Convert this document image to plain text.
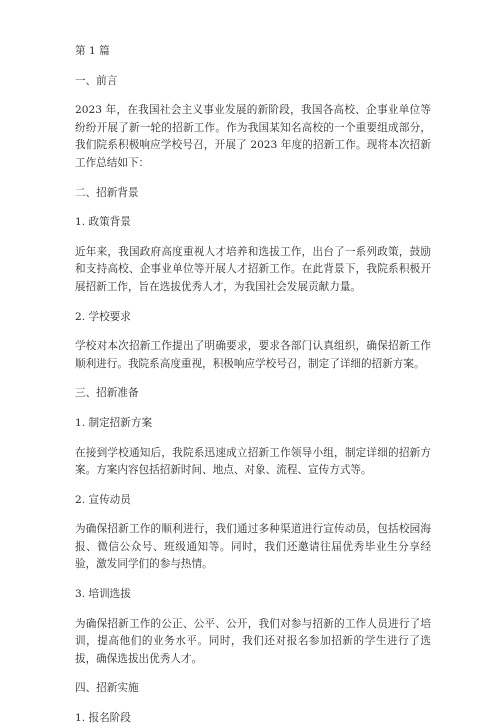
第 1 篇

一、前言

2023 年，在我国社会主义事业发展的新阶段，我国各高校、企事业单位等纷纷开展了新一轮的招新工作。作为我国某知名高校的一个重要组成部分，我们院系积极响应学校号召，开展了 2023 年度的招新工作。现将本次招新工作总结如下：

二、招新背景

1. 政策背景

近年来，我国政府高度重视人才培养和选拔工作，出台了一系列政策，鼓励和支持高校、企事业单位等开展人才招新工作。在此背景下，我院系积极开展招新工作，旨在选拔优秀人才，为我国社会发展贡献力量。

2. 学校要求

学校对本次招新工作提出了明确要求，要求各部门认真组织，确保招新工作顺利进行。我院系高度重视，积极响应学校号召，制定了详细的招新方案。

三、招新准备

1. 制定招新方案

在接到学校通知后，我院系迅速成立招新工作领导小组，制定详细的招新方案。方案内容包括招新时间、地点、对象、流程、宣传方式等。

2. 宣传动员

为确保招新工作的顺利进行，我们通过多种渠道进行宣传动员，包括校园海报、微信公众号、班级通知等。同时，我们还邀请往届优秀毕业生分享经验，激发同学们的参与热情。

3. 培训选拔

为确保招新工作的公正、公平、公开，我们对参与招新的工作人员进行了培训，提高他们的业务水平。同时，我们还对报名参加招新的学生进行了选拔，确保选拔出优秀人才。

四、招新实施

1. 报名阶段
